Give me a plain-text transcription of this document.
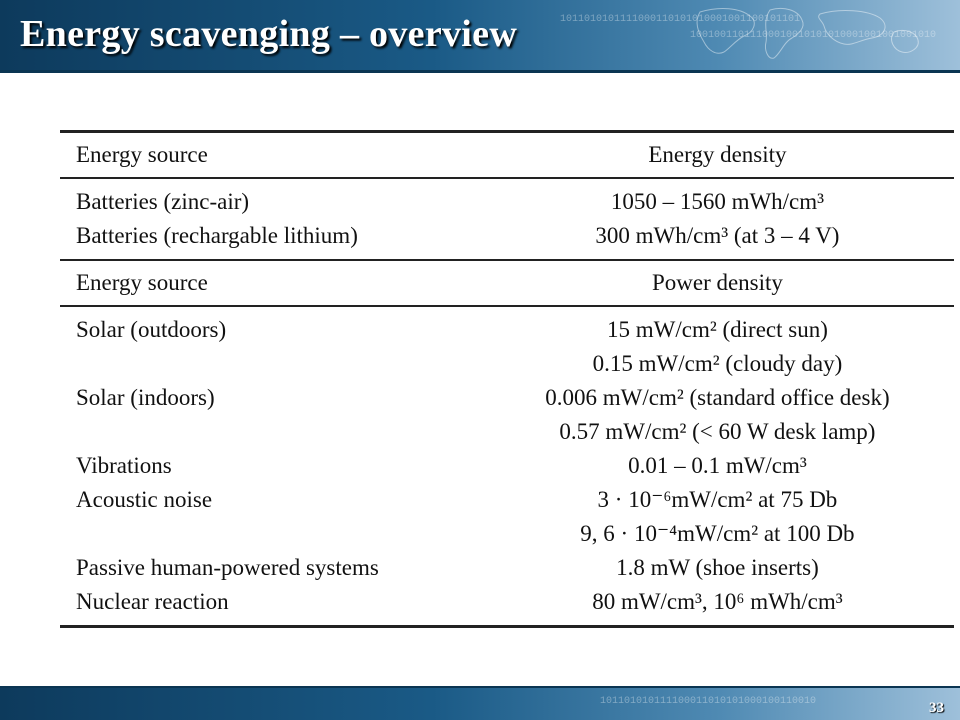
1011010101111000110101010001001100101101
10010011011100010010101010001001001001010
Energy scavenging – overview
Energy source	Energy density
Batteries (zinc-air)	1050 – 1560 mWh/cm³
Batteries (rechargable lithium)	300 mWh/cm³ (at 3 – 4 V)
Energy source	Power density
Solar (outdoors)	15 mW/cm² (direct sun)
	0.15 mW/cm² (cloudy day)
Solar (indoors)	0.006 mW/cm² (standard office desk)
	0.57 mW/cm² (< 60 W desk lamp)
Vibrations	0.01 – 0.1 mW/cm³
Acoustic noise	3 · 10⁻⁶mW/cm² at 75 Db
	9, 6 · 10⁻⁴mW/cm² at 100 Db
Passive human-powered systems	1.8 mW (shoe inserts)
Nuclear reaction	80 mW/cm³, 10⁶ mWh/cm³
101101010111100011010101000100110010	33
